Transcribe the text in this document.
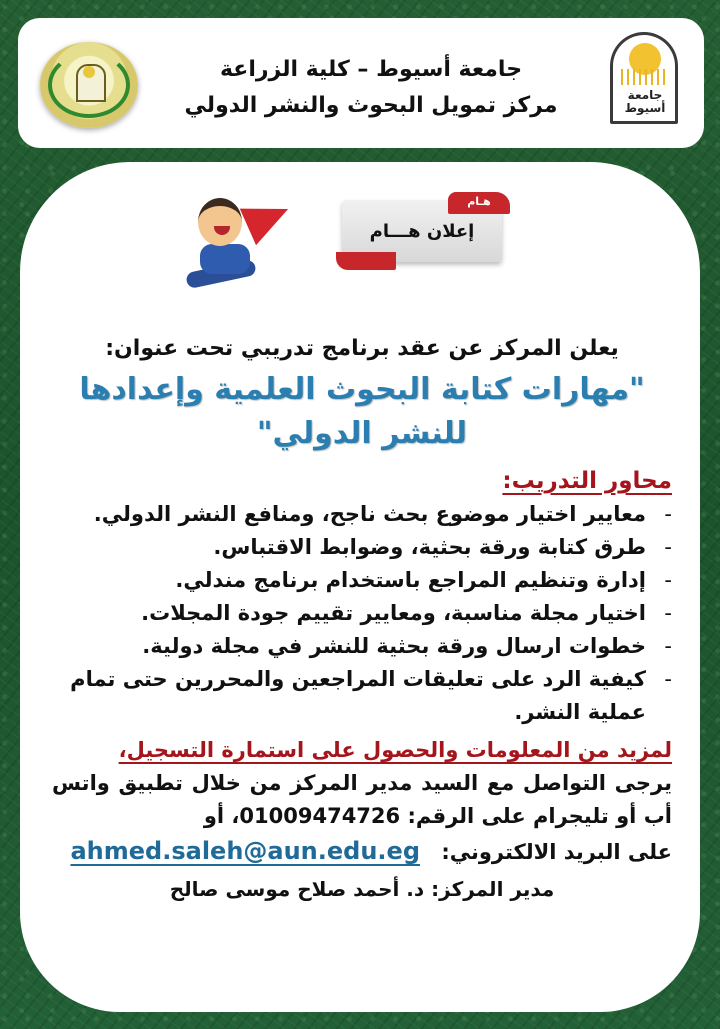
جامعة أسيوط – كلية الزراعة
مركز تمويل البحوث والنشر الدولي	جامعة أسيوط
هـام
إعلان هـــام
يعلن المركز عن عقد برنامج تدريبي تحت عنوان:
"مهارات كتابة البحوث العلمية وإعدادها للنشر الدولي"
محاور التدريب:
-
معايير اختيار موضوع بحث ناجح، ومنافع النشر الدولي.
-
طرق كتابة ورقة بحثية، وضوابط الاقتباس.
-
إدارة وتنظيم المراجع باستخدام برنامج مندلي.
-
اختيار مجلة مناسبة، ومعايير تقييم جودة المجلات.
-
خطوات ارسال ورقة بحثية للنشر في مجلة دولية.
-
كيفية الرد على تعليقات المراجعين والمحررين حتى تمام عملية النشر.
لمزيد من المعلومات والحصول على استمارة التسجيل،
يرجى التواصل مع السيد مدير المركز من خلال تطبيق واتس أب أو تليجرام على الرقم: 01009474726، أو
على البريد الالكتروني: ahmed.saleh@aun.edu.eg
مدير المركز: د. أحمد صلاح موسى صالح
